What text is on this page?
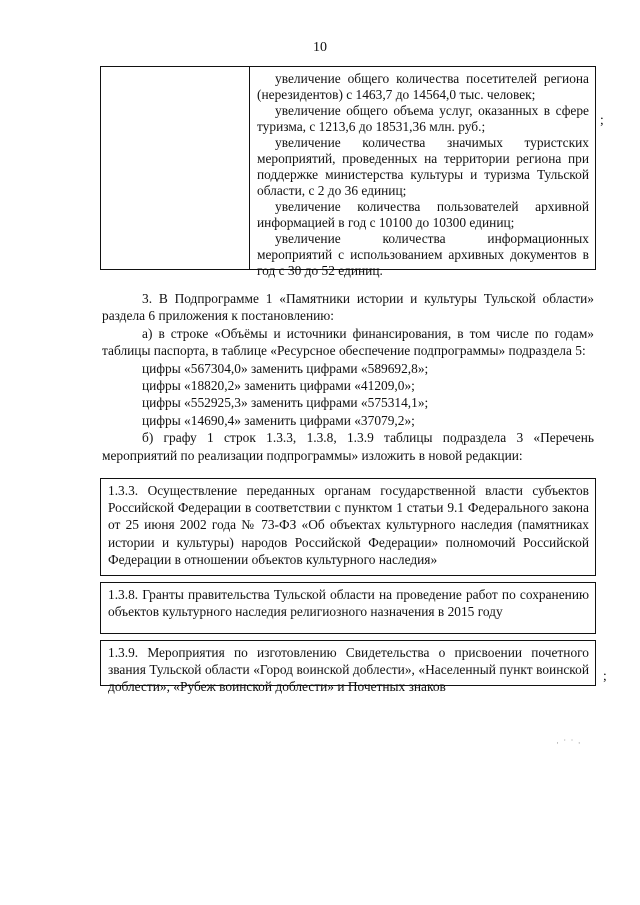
10

увеличение общего количества посетителей региона (нерезидентов) с 1463,7 до 14564,0 тыс. человек;

увеличение общего объема услуг, оказанных в сфере туризма, с 1213,6 до 18531,36 млн. руб.;

увеличение количества значимых туристских мероприятий, проведенных на территории региона при поддержке министерства культуры и туризма Тульской области, с 2 до 36 единиц;

увеличение количества пользователей архивной информацией в год с 10100 до 10300 единиц;

увеличение количества информационных мероприятий с использованием архивных документов в год с 30 до 52 единиц.

;

3. В Подпрограмме 1 «Памятники истории и культуры Тульской области» раздела 6 приложения к постановлению:

а) в строке «Объёмы и источники финансирования, в том числе по годам» таблицы паспорта, в таблице «Ресурсное обеспечение подпрограммы» подраздела 5:

цифры «567304,0» заменить цифрами «589692,8»;

цифры «18820,2» заменить цифрами «41209,0»;

цифры «552925,3» заменить цифрами «575314,1»;

цифры «14690,4» заменить цифрами «37079,2»;

б) графу 1 строк 1.3.3, 1.3.8, 1.3.9 таблицы подраздела 3 «Перечень мероприятий по реализации подпрограммы» изложить в новой редакции:

1.3.3. Осуществление переданных органам государственной власти субъектов Российской Федерации в соответствии с пунктом 1 статьи 9.1 Федерального закона от 25 июня 2002 года № 73-ФЗ «Об объектах культурного наследия (памятниках истории и культуры) народов Российской Федерации» полномочий Российской Федерации в отношении объектов культурного наследия»

1.3.8. Гранты правительства Тульской области на проведение работ по сохранению объектов культурного наследия религиозного назначения в 2015 году

1.3.9. Мероприятия по изготовлению Свидетельства о присвоении почетного звания Тульской области «Город воинской доблести», «Населенный пункт воинской доблести», «Рубеж воинской доблести» и Почетных знаков

;
· ˙ ˙ ·
